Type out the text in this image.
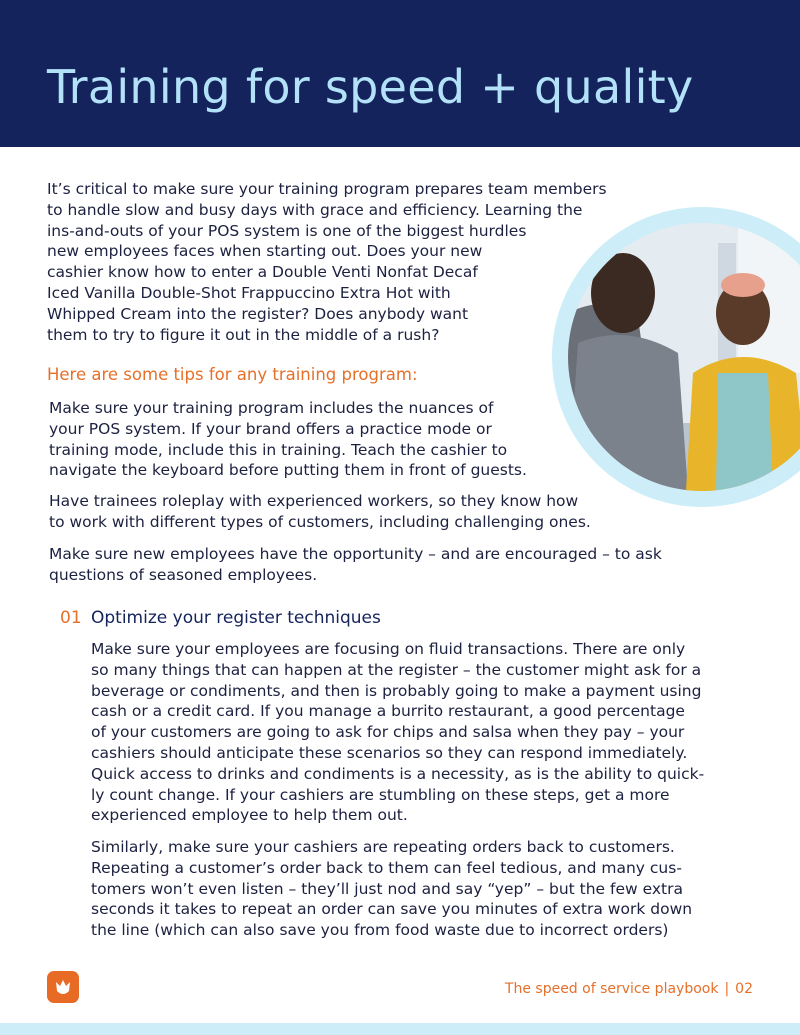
Training for speed + quality
It’s critical to make sure your training program prepares team members
to handle slow and busy days with grace and efficiency. Learning the
ins-and-outs of your POS system is one of the biggest hurdles
new employees faces when starting out. Does your new
cashier know how to enter a Double Venti Nonfat Decaf
Iced Vanilla Double-Shot Frappuccino Extra Hot with
Whipped Cream into the register? Does anybody want
them to try to figure it out in the middle of a rush?
Here are some tips for any training program:
Make sure your training program includes the nuances of
your POS system. If your brand offers a practice mode or
training mode, include this in training. Teach the cashier to
navigate the keyboard before putting them in front of guests.
Have trainees roleplay with experienced workers, so they know how
to work with different types of customers, including challenging ones.
Make sure new employees have the opportunity – and are encouraged – to ask
questions of seasoned employees.
01 Optimize your register techniques
Make sure your employees are focusing on fluid transactions. There are only
so many things that can happen at the register – the customer might ask for a
beverage or condiments, and then is probably going to make a payment using
cash or a credit card. If you manage a burrito restaurant, a good percentage
of your customers are going to ask for chips and salsa when they pay – your
cashiers should anticipate these scenarios so they can respond immediately.
Quick access to drinks and condiments is a necessity, as is the ability to quick-
ly count change. If your cashiers are stumbling on these steps, get a more
experienced employee to help them out.
Similarly, make sure your cashiers are repeating orders back to customers.
Repeating a customer’s order back to them can feel tedious, and many cus-
tomers won’t even listen – they’ll just nod and say “yep” – but the few extra
seconds it takes to repeat an order can save you minutes of extra work down
the line (which can also save you from food waste due to incorrect orders)
The speed of service playbook | 02
